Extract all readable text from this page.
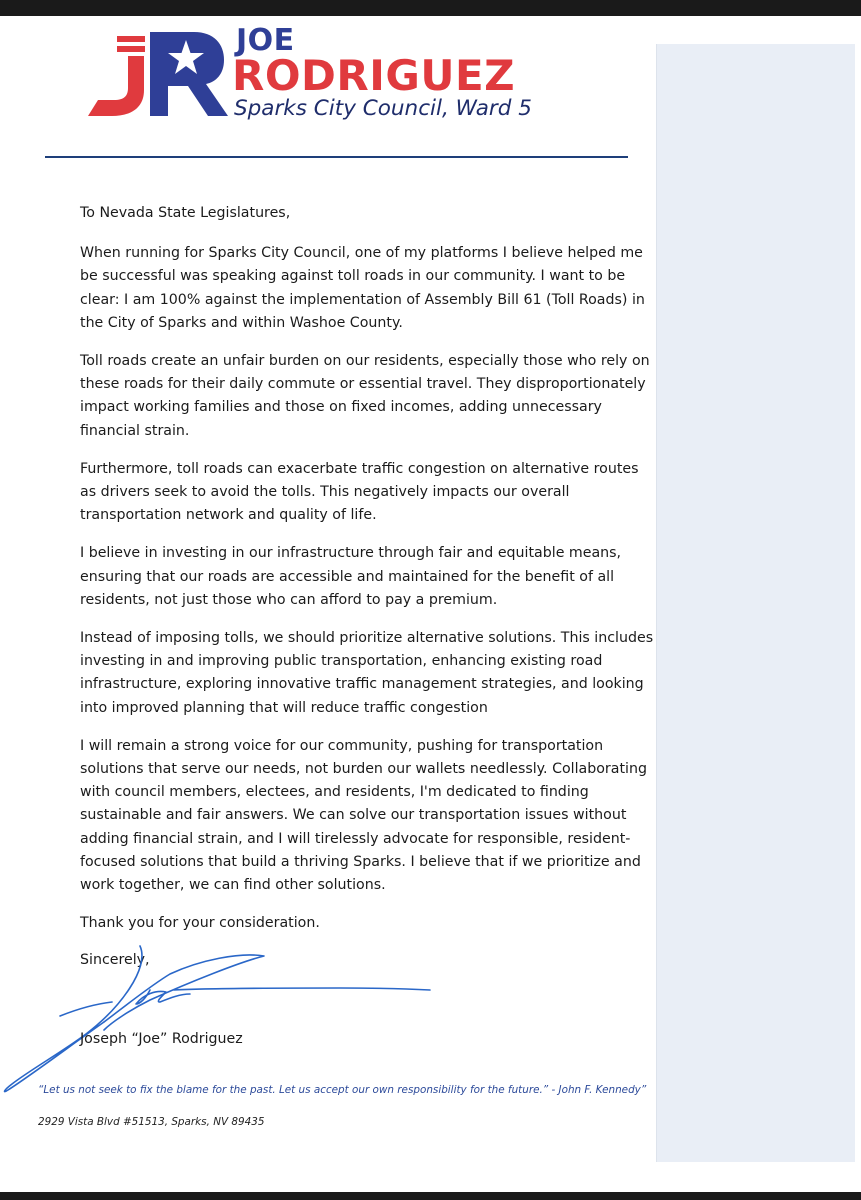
JOE
RODRIGUEZ
Sparks City Council, Ward 5

To Nevada State Legislatures,

When running for Sparks City Council, one of my platforms I believe helped me be successful was speaking against toll roads in our community. I want to be clear: I am 100% against the implementation of Assembly Bill 61 (Toll Roads) in the City of Sparks and within Washoe County.

Toll roads create an unfair burden on our residents, especially those who rely on these roads for their daily commute or essential travel. They disproportionately impact working families and those on fixed incomes, adding unnecessary financial strain.

Furthermore, toll roads can exacerbate traffic congestion on alternative routes as drivers seek to avoid the tolls. This negatively impacts our overall transportation network and quality of life.

I believe in investing in our infrastructure through fair and equitable means, ensuring that our roads are accessible and maintained for the benefit of all residents, not just those who can afford to pay a premium.

Instead of imposing tolls, we should prioritize alternative solutions. This includes investing in and improving public transportation, enhancing existing road infrastructure, exploring innovative traffic management strategies, and looking into improved planning that will reduce traffic congestion

I will remain a strong voice for our community, pushing for transportation solutions that serve our needs, not burden our wallets needlessly. Collaborating with council members, electees, and residents, I'm dedicated to finding sustainable and fair answers. We can solve our transportation issues without adding financial strain, and I will tirelessly advocate for responsible, resident-focused solutions that build a thriving Sparks. I believe that if we prioritize and work together, we can find other solutions.

Thank you for your consideration.

Sincerely,
Joseph “Joe” Rodriguez
“Let us not seek to fix the blame for the past. Let us accept our own responsibility for the future.” - John F. Kennedy”
2929 Vista Blvd #51513, Sparks, NV 89435
